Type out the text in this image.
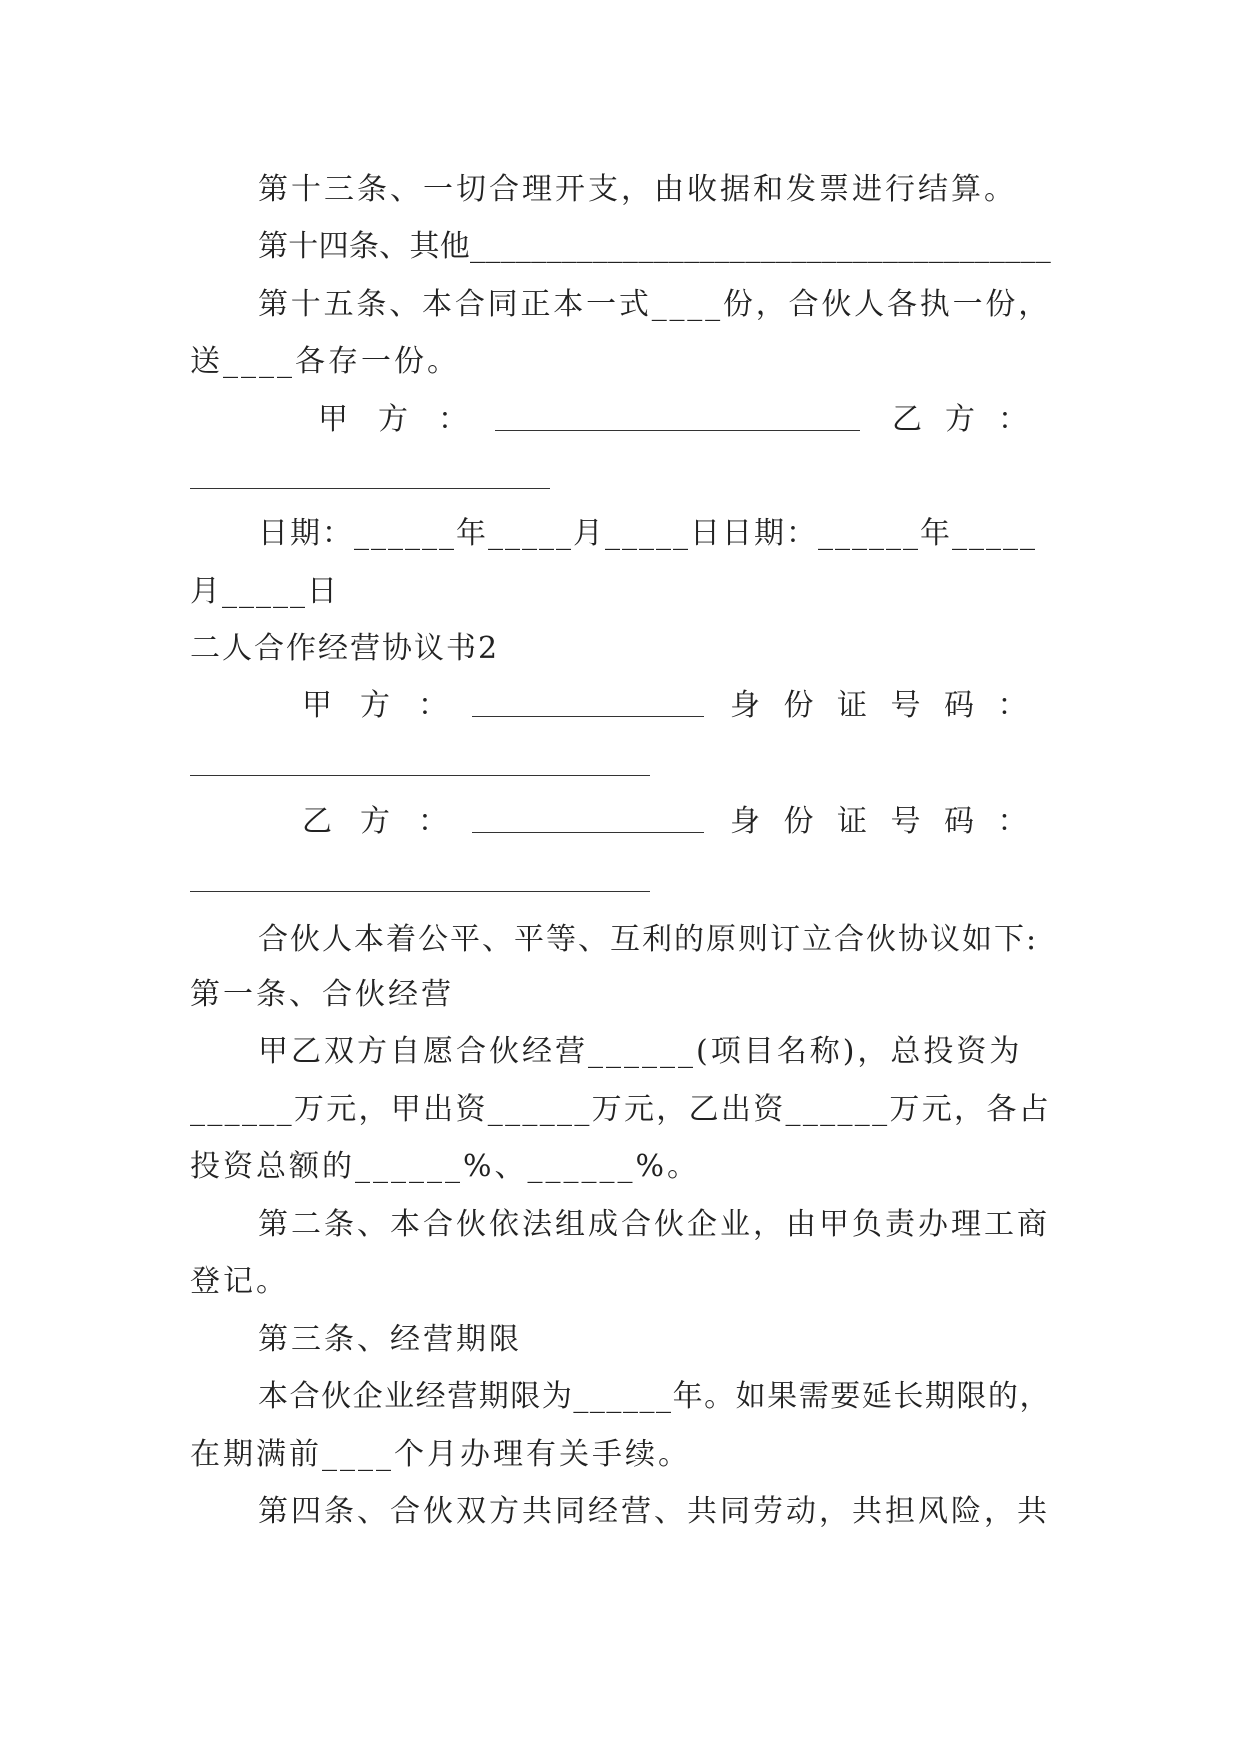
第十三条、一切合理开支，由收据和发票进行结算。
第十四条、其他______________________________________
第十五条、本合同正本一式____份，合伙人各执一份，
送____各存一份。
甲方：	乙方：
日期：______年_____月_____日日期：______年_____
月_____日
二人合作经营协议书2
甲方：	身份证号码：
乙方：	身份证号码：
合伙人本着公平、平等、互利的原则订立合伙协议如下:
第一条、合伙经营
甲乙双方自愿合伙经营______(项目名称)，总投资为
______万元，甲出资______万元，乙出资______万元，各占
投资总额的______%、______%。
第二条、本合伙依法组成合伙企业，由甲负责办理工商
登记。
第三条、经营期限
本合伙企业经营期限为______年。如果需要延长期限的，
在期满前____个月办理有关手续。
第四条、合伙双方共同经营、共同劳动，共担风险，共
